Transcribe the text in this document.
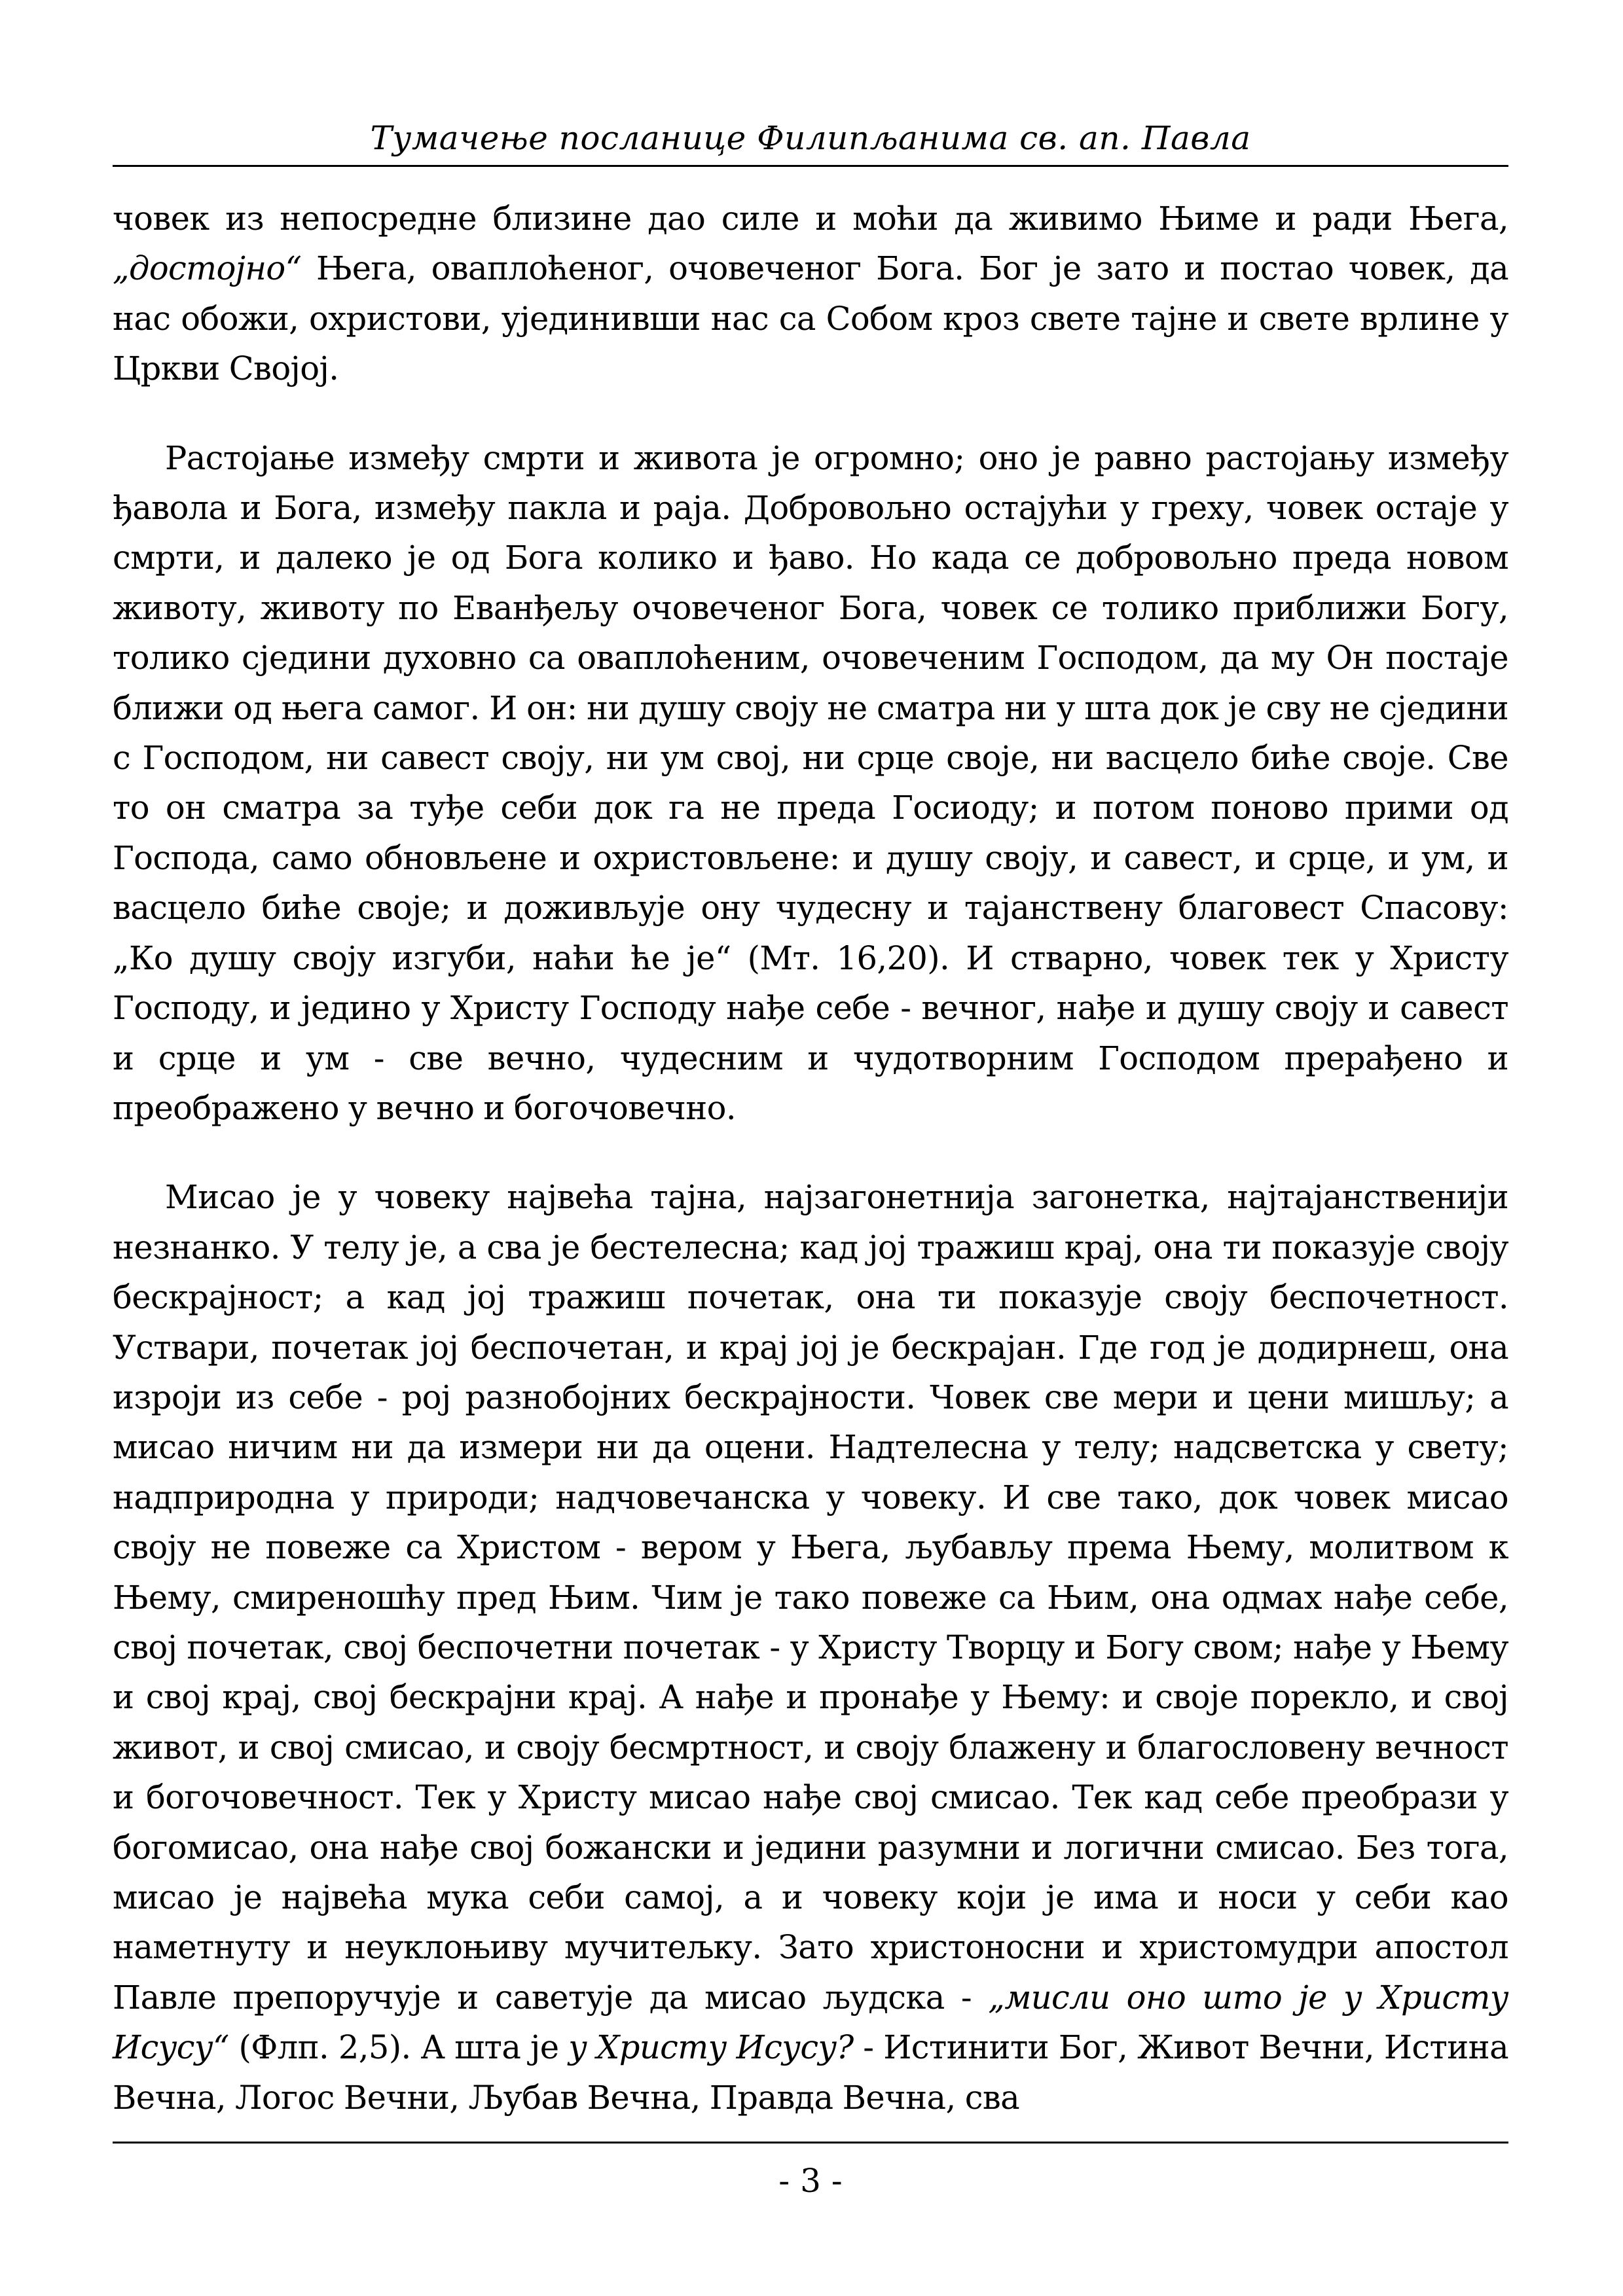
Тумачење посланице Филипљанима св. ап. Павла

човек из непосредне близине дао силе и моћи да живимо Њиме и ради Њега, „достојно“ Њега, оваплоћеног, очовеченог Бога. Бог је зато и постао човек, да нас обожи, охристови, ујединивши нас са Собом кроз свете тајне и свете врлине у Цркви Својој.

Растојање између смрти и живота је огромно; оно је равно растојању између ђавола и Бога, између пакла и раја. Добровољно остајући у греху, човек остаје у смрти, и далеко је од Бога колико и ђаво. Но када се добровољно преда новом животу, животу по Еванђељу очовеченог Бога, човек се толико приближи Богу, толико сједини духовно са оваплоћеним, очовеченим Господом, да му Он постаје ближи од њега самог. И он: ни душу своју не сматра ни у шта док је сву не сједини с Господом, ни савест своју, ни ум свој, ни срце своје, ни васцело биће своје. Све то он сматра за туђе себи док га не преда Госиоду; и потом поново прими од Господа, само обновљене и охристовљене: и душу своју, и савест, и срце, и ум, и васцело биће своје; и доживљује ону чудесну и тајанствену благовест Спасову: „Ко душу своју изгуби, наћи ће је“ (Мт. 16,20). И стварно, човек тек у Христу Господу, и једино у Христу Господу нађе себе - вечног, нађе и душу своју и савест и срце и ум - све вечно, чудесним и чудотворним Господом прерађено и преображено у вечно и богочовечно.

Мисао је у човеку највећа тајна, најзагонетнија загонетка, најтајанственији незнанко. У телу је, а сва је бестелесна; кад јој тражиш крај, она ти показује своју бескрајност; а кад јој тражиш почетак, она ти показује своју беспочетност. Уствари, почетак јој беспочетан, и крај јој је бескрајан. Где год је додирнеш, она изроји из себе - рој разнобојних бескрајности. Човек све мери и цени мишљу; а мисао ничим ни да измери ни да оцени. Надтелесна у телу; надсветска у свету; надприродна у природи; надчовечанска у човеку. И све тако, док човек мисао своју не повеже са Христом - вером у Њега, љубављу према Њему, молитвом к Њему, смиреношћу пред Њим. Чим је тако повеже са Њим, она одмах нађе себе, свој почетак, свој беспочетни почетак - у Христу Творцу и Богу свом; нађе у Њему и свој крај, свој бескрајни крај. А нађе и пронађе у Њему: и своје порекло, и свој живот, и свој смисао, и своју бесмртност, и своју блажену и благословену вечност и богочовечност. Тек у Христу мисао нађе свој смисао. Тек кад себе преобрази у богомисао, она нађе свој божански и једини разумни и логични смисао. Без тога, мисао је највећа мука себи самој, а и човеку који је има и носи у себи као наметнуту и неуклоњиву мучитељку. Зато христоносни и христомудри апостол Павле препоручује и саветује да мисао људска - „мисли оно што је у Христу Исусу“ (Флп. 2,5). А шта је у Христу Исусу? - Истинити Бог, Живот Вечни, Истина Вечна, Логос Вечни, Љубав Вечна, Правда Вечна, сва

- 3 -
